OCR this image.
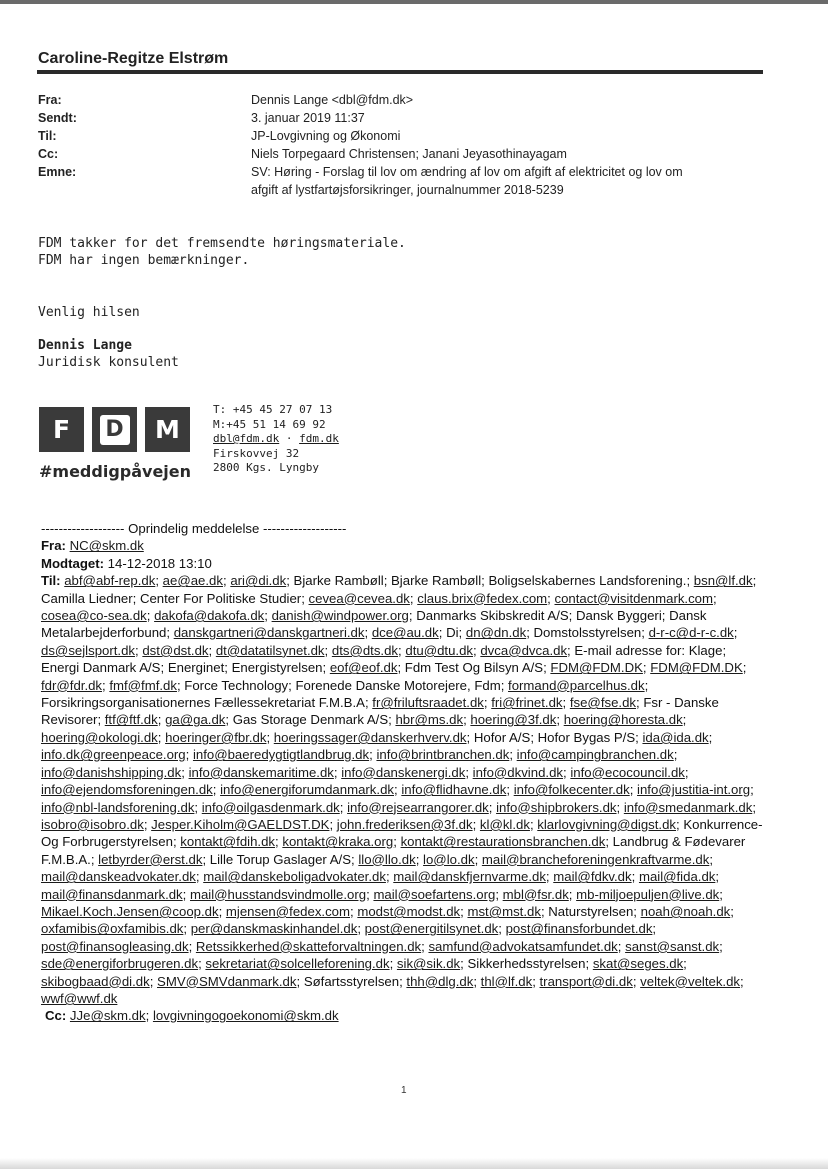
Caroline-Regitze Elstrøm
Fra:	Dennis Lange <dbl@fdm.dk>
Sendt:	3. januar 2019 11:37
Til:	JP-Lovgivning og Økonomi
Cc:	Niels Torpegaard Christensen; Janani Jeyasothinayagam
Emne:	SV: Høring - Forslag til lov om ændring af lov om afgift af elektricitet og lov om
afgift af lystfartøjsforsikringer, journalnummer 2018-5239
FDM takker for det fremsendte høringsmateriale.
FDM har ingen bemærkninger.
Venlig hilsen
Dennis Lange
Juridisk konsulent
F D M
#meddigpåvejen
T: +45 45 27 07 13
M:+45 51 14 69 92
dbl@fdm.dk · fdm.dk
Firskovvej 32
2800 Kgs. Lyngby
------------------- Oprindelig meddelelse -------------------
Fra: NC@skm.dk
Modtaget: 14-12-2018 13:10
Til: abf@abf-rep.dk; ae@ae.dk; ari@di.dk; Bjarke Rambøll; Bjarke Rambøll; Boligselskabernes Landsforening.; bsn@lf.dk; Camilla Liedner; Center For Politiske Studier; cevea@cevea.dk; claus.brix@fedex.com; contact@visitdenmark.com; cosea@co-sea.dk; dakofa@dakofa.dk; danish@windpower.org; Danmarks Skibskredit A/S; Dansk Byggeri; Dansk Metalarbejderforbund; danskgartneri@danskgartneri.dk; dce@au.dk; Di; dn@dn.dk; Domstolsstyrelsen; d-r-c@d-r-c.dk; ds@sejlsport.dk; dst@dst.dk; dt@datatilsynet.dk; dts@dts.dk; dtu@dtu.dk; dvca@dvca.dk; E-mail adresse for: Klage; Energi Danmark A/S; Energinet; Energistyrelsen; eof@eof.dk; Fdm Test Og Bilsyn A/S; FDM@FDM.DK; FDM@FDM.DK; fdr@fdr.dk; fmf@fmf.dk; Force Technology; Forenede Danske Motorejere, Fdm; formand@parcelhus.dk; Forsikringsorganisationernes Fællessekretariat F.M.B.A; fr@friluftsraadet.dk; fri@frinet.dk; fse@fse.dk; Fsr - Danske Revisorer; ftf@ftf.dk; ga@ga.dk; Gas Storage Denmark A/S; hbr@ms.dk; hoering@3f.dk; hoering@horesta.dk; hoering@okologi.dk; hoeringer@fbr.dk; hoeringssager@danskerhverv.dk; Hofor A/S; Hofor Bygas P/S; ida@ida.dk; info.dk@greenpeace.org; info@baeredygtigtlandbrug.dk; info@brintbranchen.dk; info@campingbranchen.dk; info@danishshipping.dk; info@danskemaritime.dk; info@danskenergi.dk; info@dkvind.dk; info@ecocouncil.dk; info@ejendomsforeningen.dk; info@energiforumdanmark.dk; info@flidhavne.dk; info@folkecenter.dk; info@justitia-int.org; info@nbl-landsforening.dk; info@oilgasdenmark.dk; info@rejsearrangorer.dk; info@shipbrokers.dk; info@smedanmark.dk; isobro@isobro.dk; Jesper.Kiholm@GAELDST.DK; john.frederiksen@3f.dk; kl@kl.dk; klarlovgivning@digst.dk; Konkurrence- Og Forbrugerstyrelsen; kontakt@fdih.dk; kontakt@kraka.org; kontakt@restaurationsbranchen.dk; Landbrug & Fødevarer F.M.B.A.; letbyrder@erst.dk; Lille Torup Gaslager A/S; llo@llo.dk; lo@lo.dk; mail@brancheforeningenkraftvarme.dk; mail@danskeadvokater.dk; mail@danskeboligadvokater.dk; mail@danskfjernvarme.dk; mail@fdkv.dk; mail@fida.dk; mail@finansdanmark.dk; mail@husstandsvindmolle.org; mail@soefartens.org; mbl@fsr.dk; mb-miljoepuljen@live.dk; Mikael.Koch.Jensen@coop.dk; mjensen@fedex.com; modst@modst.dk; mst@mst.dk; Naturstyrelsen; noah@noah.dk; oxfamibis@oxfamibis.dk; per@danskmaskinhandel.dk; post@energitilsynet.dk; post@finansforbundet.dk; post@finansogleasing.dk; Retssikkerhed@skatteforvaltningen.dk; samfund@advokatsamfundet.dk; sanst@sanst.dk; sde@energiforbrugeren.dk; sekretariat@solcelleforening.dk; sik@sik.dk; Sikkerhedsstyrelsen; skat@seges.dk; skibogbaad@di.dk; SMV@SMVdanmark.dk; Søfartsstyrelsen; thh@dlg.dk; thl@lf.dk; transport@di.dk; veltek@veltek.dk; wwf@wwf.dk
Cc: JJe@skm.dk; lovgivningogoekonomi@skm.dk
1
